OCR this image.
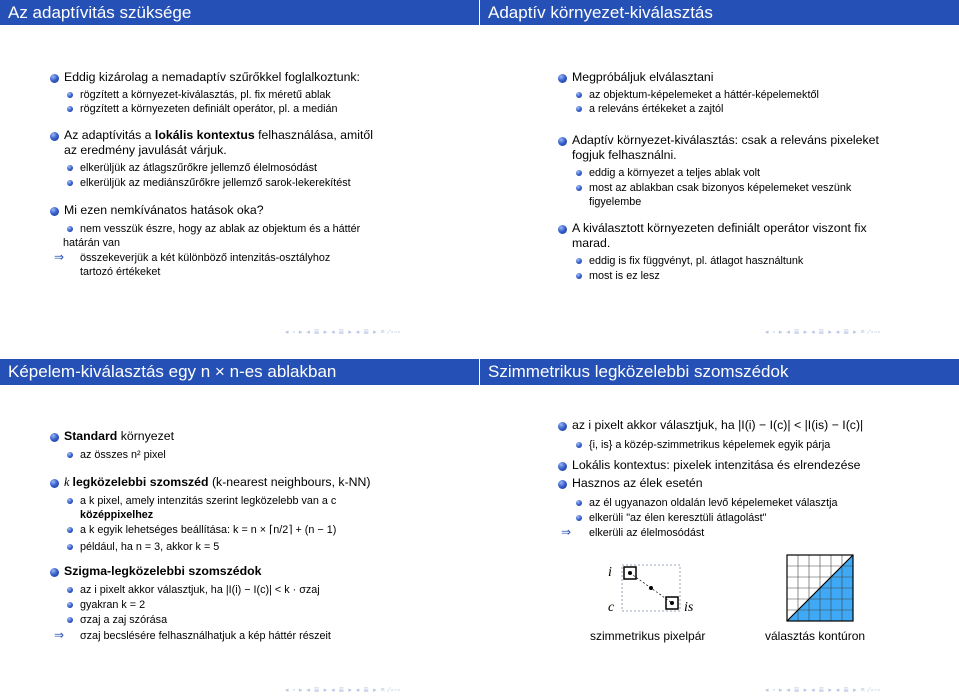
Az adaptívitás szüksége
Eddig kizárolag a nemadaptív szűrőkkel foglalkoztunk:
rögzített a környezet-kiválasztás, pl. fix méretű ablak
rögzített a környezeten definiált operátor, pl. a medián
Az adaptívitás a lokális kontextus felhasználása, amitől
az eredmény javulását várjuk.
elkerüljük az átlagszűrőkre jellemző élelmosódást
elkerüljük az mediánszűrőkre jellemző sarok-lekerekítést
Mi ezen nemkívánatos hatások oka?
nem vesszük észre, hogy az ablak az objektum és a háttér
határán van
⇒ összekeverjük a két különböző intenzitás-osztályhoz
tartozó értékeket
◂ ▫ ▸ ◂ ≣ ▸ ◂ ≣ ▸ ◂ ≣ ▸ ≡ ⁄▫▫▫
Adaptív környezet-kiválasztás
Megpróbáljuk elválasztani
az objektum-képelemeket a háttér-képelemektől
a releváns értékeket a zajtól
Adaptív környezet-kiválasztás: csak a releváns pixeleket
fogjuk felhasználni.
eddig a környezet a teljes ablak volt
most az ablakban csak bizonyos képelemeket veszünk
figyelembe
A kiválasztott környezeten definiált operátor viszont fix
marad.
eddig is fix függvényt, pl. átlagot használtunk
most is ez lesz
◂ ▫ ▸ ◂ ≣ ▸ ◂ ≣ ▸ ◂ ≣ ▸ ≡ ⁄▫▫▫
Képelem-kiválasztás egy n × n-es ablakban
Standard környezet
az összes n² pixel
k legközelebbi szomszéd (k-nearest neighbours, k-NN)
a k pixel, amely intenzitás szerint legközelebb van a c
középpixelhez
a k egyik lehetséges beállítása: k = n × ⌈n/2⌉ + (n − 1)
például, ha n = 3, akkor k = 5
Szigma-legközelebbi szomszédok
az i pixelt akkor választjuk, ha |I(i) − I(c)| < k · σzaj
gyakran k = 2
σzaj a zaj szórása
⇒ σzaj becslésére felhasználhatjuk a kép háttér részeit
◂ ▫ ▸ ◂ ≣ ▸ ◂ ≣ ▸ ◂ ≣ ▸ ≡ ⁄▫▫▫
Szimmetrikus legközelebbi szomszédok
az i pixelt akkor választjuk, ha |I(i) − I(c)| < |I(is) − I(c)|
{i, is} a közép-szimmetrikus képelemek egyik párja
Lokális kontextus: pixelek intenzitása és elrendezése
Hasznos az élek esetén
az él ugyanazon oldalán levő képelemeket választja
elkerüli "az élen keresztüli átlagolást"
⇒ elkerüli az élelmosódást
i
c	is
szimmetrikus pixelpár	választás kontúron
◂ ▫ ▸ ◂ ≣ ▸ ◂ ≣ ▸ ◂ ≣ ▸ ≡ ⁄▫▫▫
